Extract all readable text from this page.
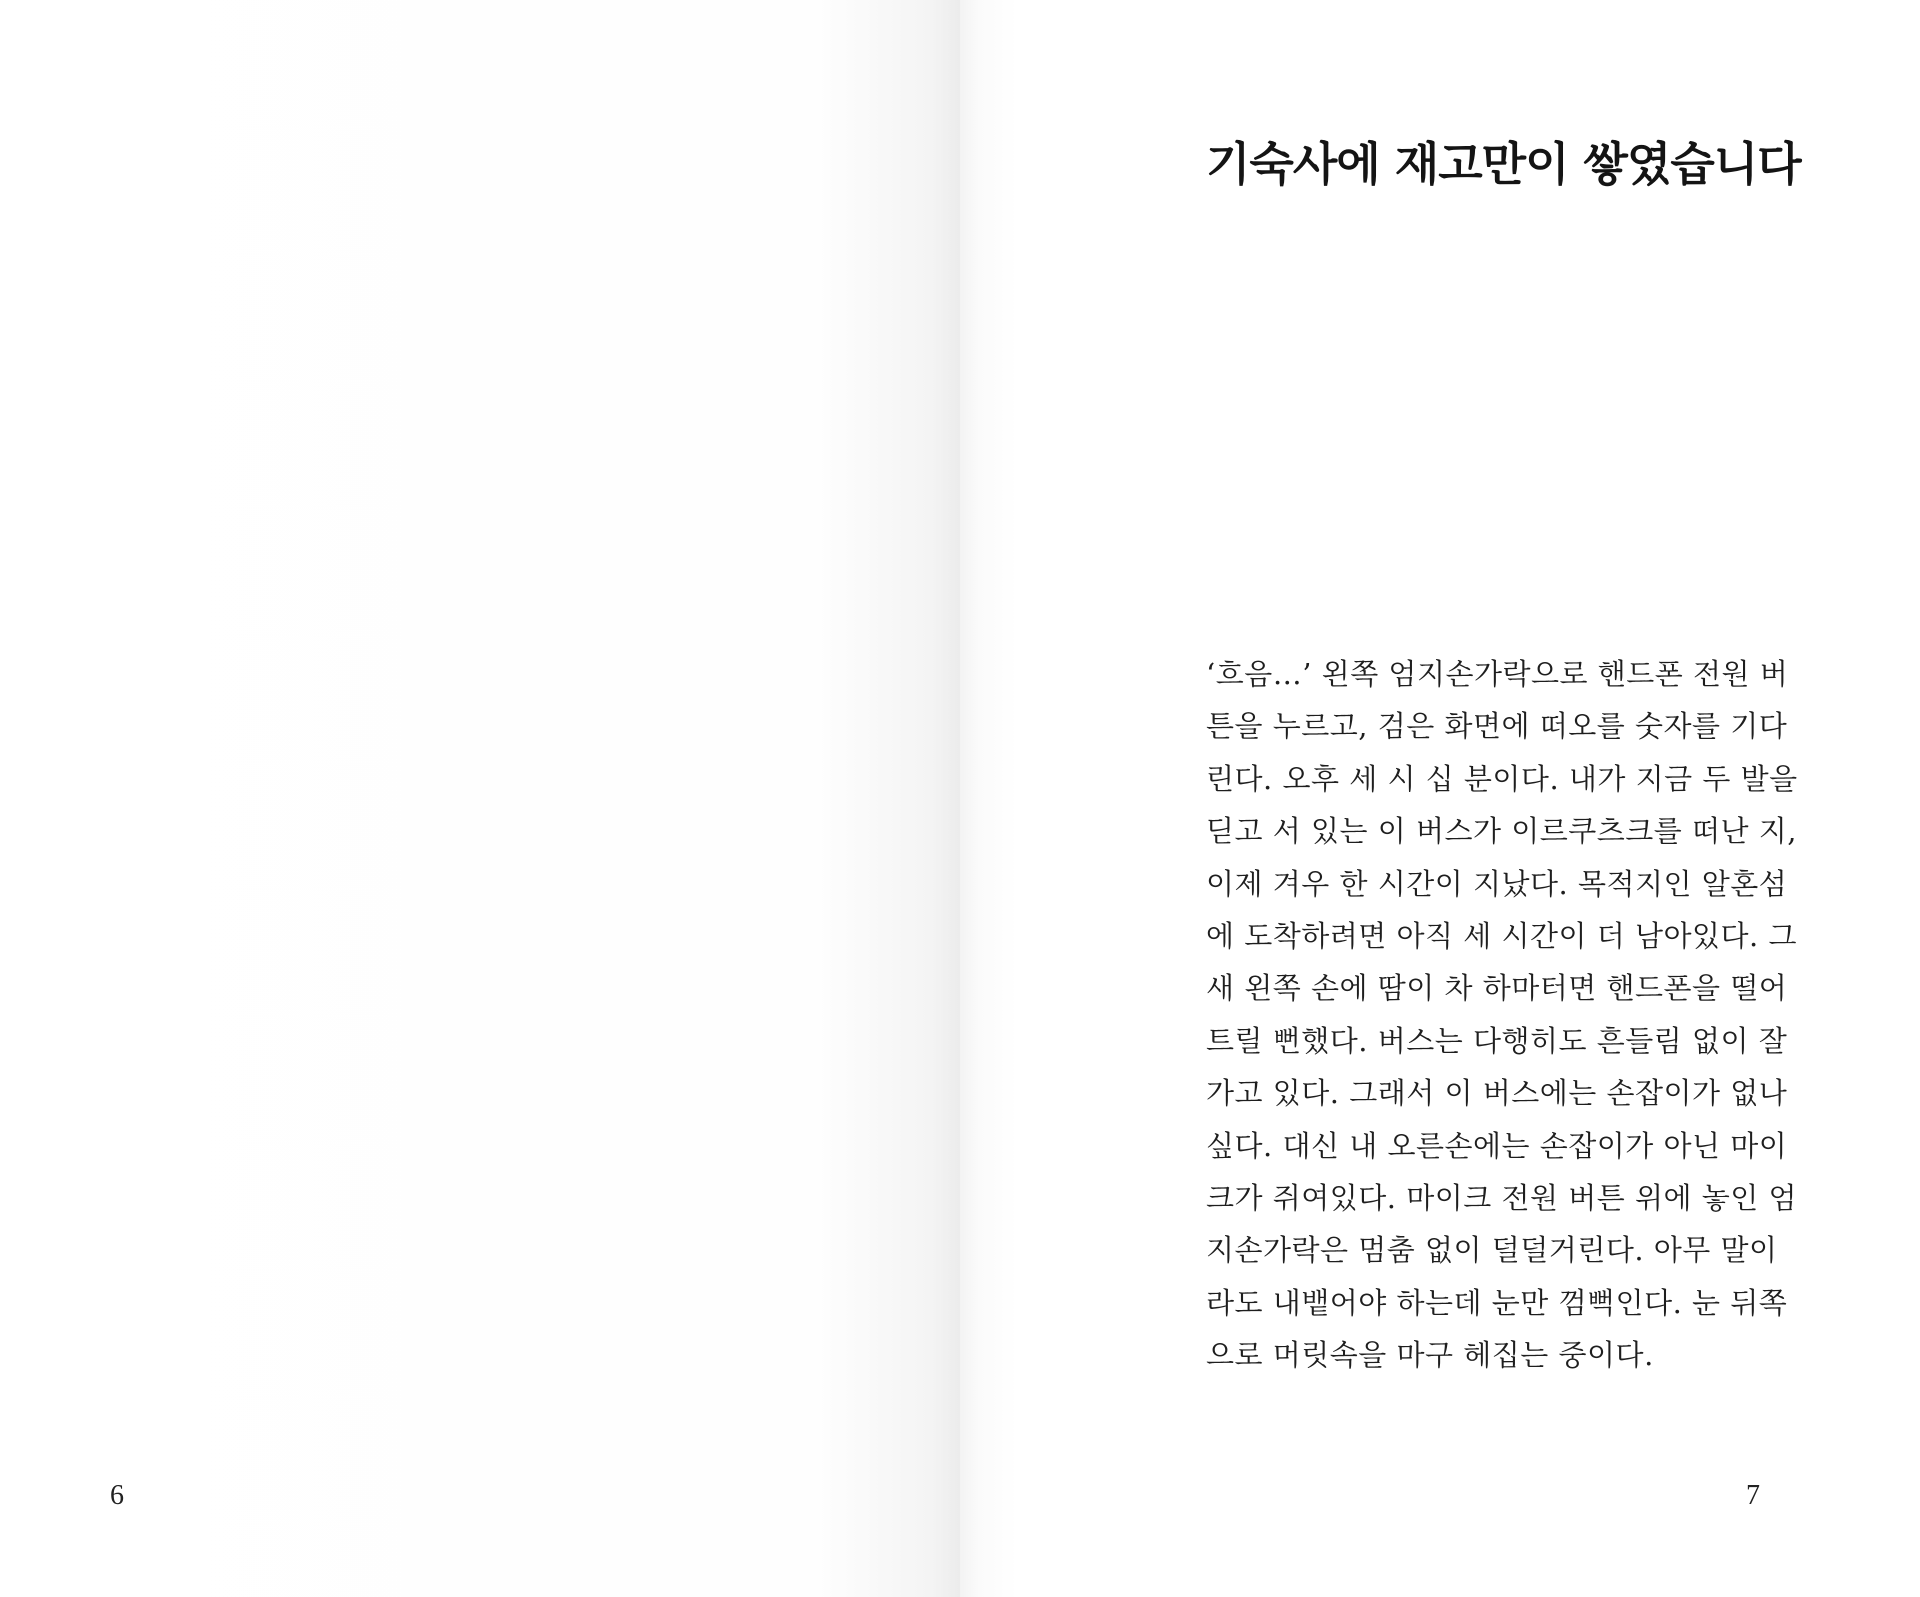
6
기숙사에 재고만이 쌓였습니다
‘흐음…’ 왼쪽 엄지손가락으로 핸드폰 전원 버
튼을 누르고, 검은 화면에 떠오를 숫자를 기다
린다. 오후 세 시 십 분이다. 내가 지금 두 발을
딛고 서 있는 이 버스가 이르쿠츠크를 떠난 지,
이제 겨우 한 시간이 지났다. 목적지인 알혼섬
에 도착하려면 아직 세 시간이 더 남아있다. 그
새 왼쪽 손에 땀이 차 하마터면 핸드폰을 떨어
트릴 뻔했다. 버스는 다행히도 흔들림 없이 잘
가고 있다. 그래서 이 버스에는 손잡이가 없나
싶다. 대신 내 오른손에는 손잡이가 아닌 마이
크가 쥐여있다. 마이크 전원 버튼 위에 놓인 엄
지손가락은 멈춤 없이 덜덜거린다. 아무 말이
라도 내뱉어야 하는데 눈만 껌뻑인다. 눈 뒤쪽
으로 머릿속을 마구 헤집는 중이다.
7
